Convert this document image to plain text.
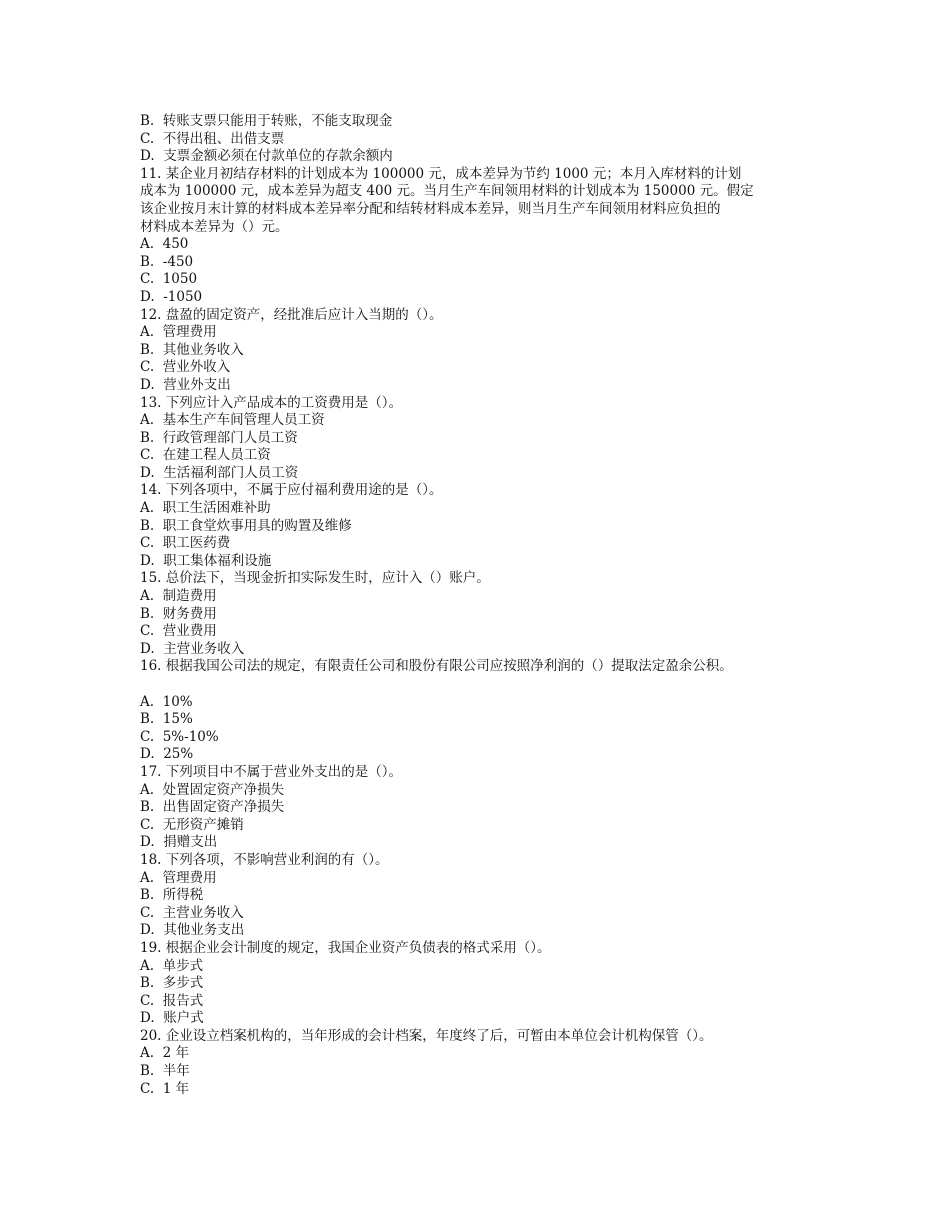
B.  转账支票只能用于转账，不能支取现金
C.  不得出租、出借支票
D.  支票金额必须在付款单位的存款余额内
11. 某企业月初结存材料的计划成本为 100000 元，成本差异为节约 1000 元；本月入库材料的计划
成本为 100000 元，成本差异为超支 400 元。当月生产车间领用材料的计划成本为 150000 元。假定
该企业按月末计算的材料成本差异率分配和结转材料成本差异，则当月生产车间领用材料应负担的
材料成本差异为（）元。
A.  450
B.  -450
C.  1050
D.  -1050
12. 盘盈的固定资产，经批准后应计入当期的（）。
A.  管理费用
B.  其他业务收入
C.  营业外收入
D.  营业外支出
13. 下列应计入产品成本的工资费用是（）。
A.  基本生产车间管理人员工资
B.  行政管理部门人员工资
C.  在建工程人员工资
D.  生活福利部门人员工资
14. 下列各项中，不属于应付福利费用途的是（）。
A.  职工生活困难补助
B.  职工食堂炊事用具的购置及维修
C.  职工医药费
D.  职工集体福利设施
15. 总价法下，当现金折扣实际发生时，应计入（）账户。
A.  制造费用
B.  财务费用
C.  营业费用
D.  主营业务收入
16. 根据我国公司法的规定，有限责任公司和股份有限公司应按照净利润的（）提取法定盈余公积。
A.  10%
B.  15%
C.  5%-10%
D.  25%
17. 下列项目中不属于营业外支出的是（）。
A.  处置固定资产净损失
B.  出售固定资产净损失
C.  无形资产摊销
D.  捐赠支出
18. 下列各项，不影响营业利润的有（）。
A.  管理费用
B.  所得税
C.  主营业务收入
D.  其他业务支出
19. 根据企业会计制度的规定，我国企业资产负债表的格式采用（）。
A.  单步式
B.  多步式
C.  报告式
D.  账户式
20. 企业设立档案机构的，当年形成的会计档案，年度终了后，可暂由本单位会计机构保管（）。
A.  2 年
B.  半年
C.  1 年
